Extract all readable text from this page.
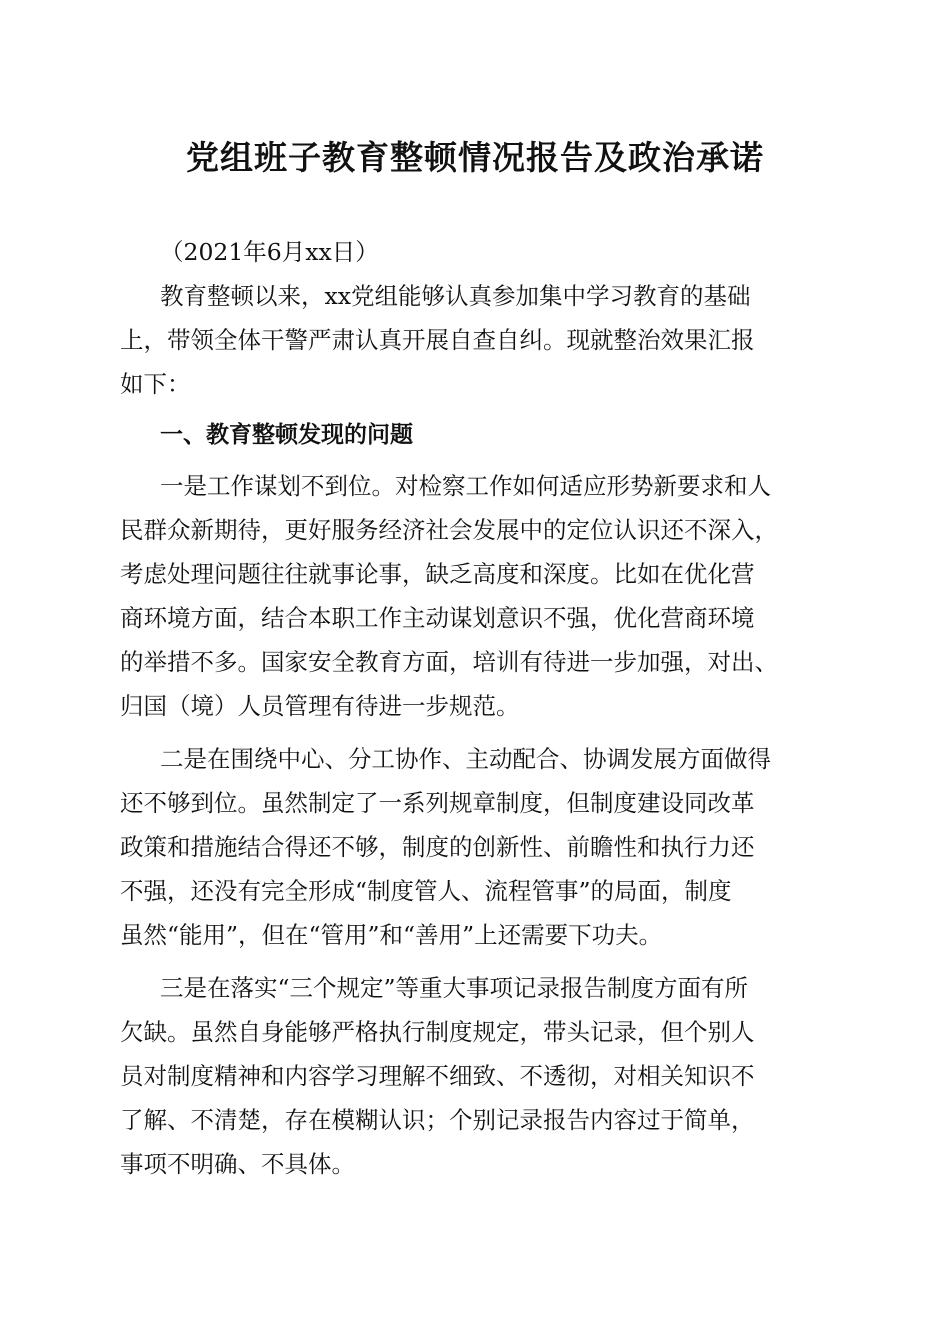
党组班子教育整顿情况报告及政治承诺

（2021年6月xx日）

教育整顿以来，xx党组能够认真参加集中学习教育的基础

上，带领全体干警严肃认真开展自查自纠。现就整治效果汇报

如下：

一、教育整顿发现的问题

一是工作谋划不到位。对检察工作如何适应形势新要求和人

民群众新期待，更好服务经济社会发展中的定位认识还不深入，

考虑处理问题往往就事论事，缺乏高度和深度。比如在优化营

商环境方面，结合本职工作主动谋划意识不强，优化营商环境

的举措不多。国家安全教育方面，培训有待进一步加强，对出、

归国（境）人员管理有待进一步规范。

二是在围绕中心、分工协作、主动配合、协调发展方面做得

还不够到位。虽然制定了一系列规章制度，但制度建设同改革

政策和措施结合得还不够，制度的创新性、前瞻性和执行力还

不强，还没有完全形成“制度管人、流程管事”的局面，制度

虽然“能用”，但在“管用”和“善用”上还需要下功夫。

三是在落实“三个规定”等重大事项记录报告制度方面有所

欠缺。虽然自身能够严格执行制度规定，带头记录，但个别人

员对制度精神和内容学习理解不细致、不透彻，对相关知识不

了解、不清楚，存在模糊认识；个别记录报告内容过于简单，

事项不明确、不具体。
